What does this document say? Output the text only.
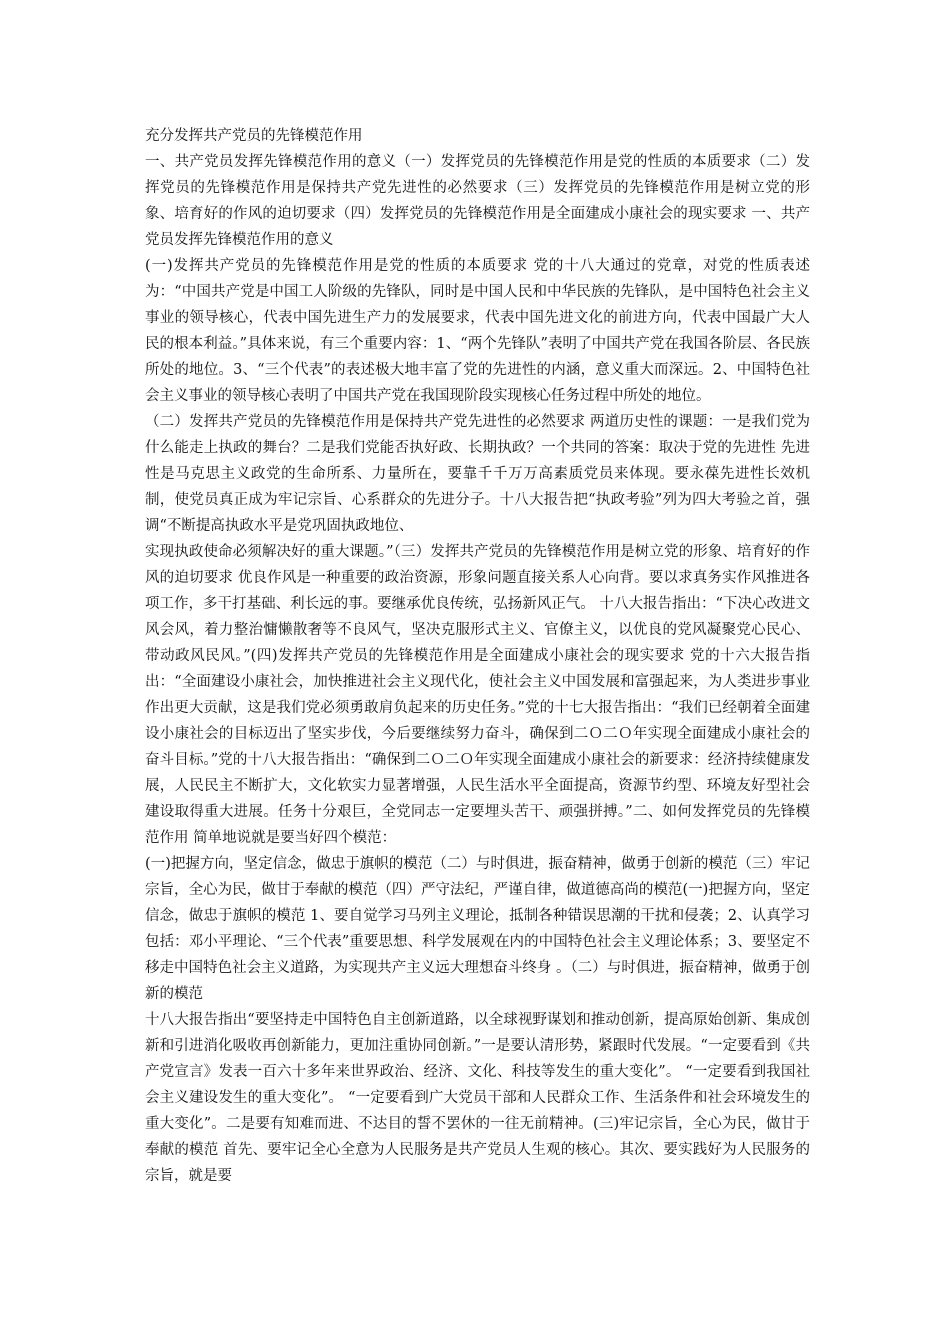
充分发挥共产党员的先锋模范作用

一、共产党员发挥先锋模范作用的意义（一）发挥党员的先锋模范作用是党的性质的本质要求（二）发挥党员的先锋模范作用是保持共产党先进性的必然要求（三）发挥党员的先锋模范作用是树立党的形象、培育好的作风的迫切要求（四）发挥党员的先锋模范作用是全面建成小康社会的现实要求 一、共产党员发挥先锋模范作用的意义

(一)发挥共产党员的先锋模范作用是党的性质的本质要求 党的十八大通过的党章，对党的性质表述为：“中国共产党是中国工人阶级的先锋队，同时是中国人民和中华民族的先锋队，是中国特色社会主义事业的领导核心，代表中国先进生产力的发展要求，代表中国先进文化的前进方向，代表中国最广大人民的根本利益。”具体来说，有三个重要内容：1、“两个先锋队”表明了中国共产党在我国各阶层、各民族所处的地位。3、“三个代表”的表述极大地丰富了党的先进性的内涵，意义重大而深远。2、中国特色社会主义事业的领导核心表明了中国共产党在我国现阶段实现核心任务过程中所处的地位。

（二）发挥共产党员的先锋模范作用是保持共产党先进性的必然要求 两道历史性的课题：一是我们党为什么能走上执政的舞台？二是我们党能否执好政、长期执政？一个共同的答案：取决于党的先进性 先进性是马克思主义政党的生命所系、力量所在，要靠千千万万高素质党员来体现。要永葆先进性长效机制，使党员真正成为牢记宗旨、心系群众的先进分子。十八大报告把“执政考验”列为四大考验之首，强调“不断提高执政水平是党巩固执政地位、

实现执政使命必须解决好的重大课题。”（三）发挥共产党员的先锋模范作用是树立党的形象、培育好的作风的迫切要求 优良作风是一种重要的政治资源，形象问题直接关系人心向背。要以求真务实作风推进各项工作，多干打基础、利长远的事。要继承优良传统，弘扬新风正气。 十八大报告指出：“下决心改进文风会风，着力整治慵懒散奢等不良风气，坚决克服形式主义、官僚主义，以优良的党风凝聚党心民心、带动政风民风。”(四)发挥共产党员的先锋模范作用是全面建成小康社会的现实要求 党的十六大报告指出：“全面建设小康社会，加快推进社会主义现代化，使社会主义中国发展和富强起来，为人类进步事业作出更大贡献，这是我们党必须勇敢肩负起来的历史任务。”党的十七大报告指出：“我们已经朝着全面建设小康社会的目标迈出了坚实步伐，今后要继续努力奋斗，确保到二Ｏ二Ｏ年实现全面建成小康社会的奋斗目标。”党的十八大报告指出：“确保到二Ｏ二Ｏ年实现全面建成小康社会的新要求：经济持续健康发展，人民民主不断扩大，文化软实力显著增强，人民生活水平全面提高，资源节约型、环境友好型社会建设取得重大进展。任务十分艰巨，全党同志一定要埋头苦干、顽强拼搏。”二、如何发挥党员的先锋模范作用 简单地说就是要当好四个模范：

(一)把握方向，坚定信念，做忠于旗帜的模范（二）与时俱进，振奋精神，做勇于创新的模范（三）牢记宗旨，全心为民，做甘于奉献的模范（四）严守法纪，严谨自律，做道德高尚的模范(一)把握方向，坚定信念，做忠于旗帜的模范 1、要自觉学习马列主义理论，抵制各种错误思潮的干扰和侵袭；2、认真学习包括：邓小平理论、“三个代表”重要思想、科学发展观在内的中国特色社会主义理论体系；3、要坚定不移走中国特色社会主义道路，为实现共产主义远大理想奋斗终身 。（二）与时俱进，振奋精神，做勇于创新的模范

十八大报告指出“要坚持走中国特色自主创新道路，以全球视野谋划和推动创新，提高原始创新、集成创新和引进消化吸收再创新能力，更加注重协同创新。”一是要认清形势，紧跟时代发展。“一定要看到《共产党宣言》发表一百六十多年来世界政治、经济、文化、科技等发生的重大变化”。 “一定要看到我国社会主义建设发生的重大变化”。 “一定要看到广大党员干部和人民群众工作、生活条件和社会环境发生的重大变化”。二是要有知难而进、不达目的誓不罢休的一往无前精神。(三)牢记宗旨，全心为民，做甘于奉献的模范 首先、要牢记全心全意为人民服务是共产党员人生观的核心。其次、要实践好为人民服务的宗旨，就是要
